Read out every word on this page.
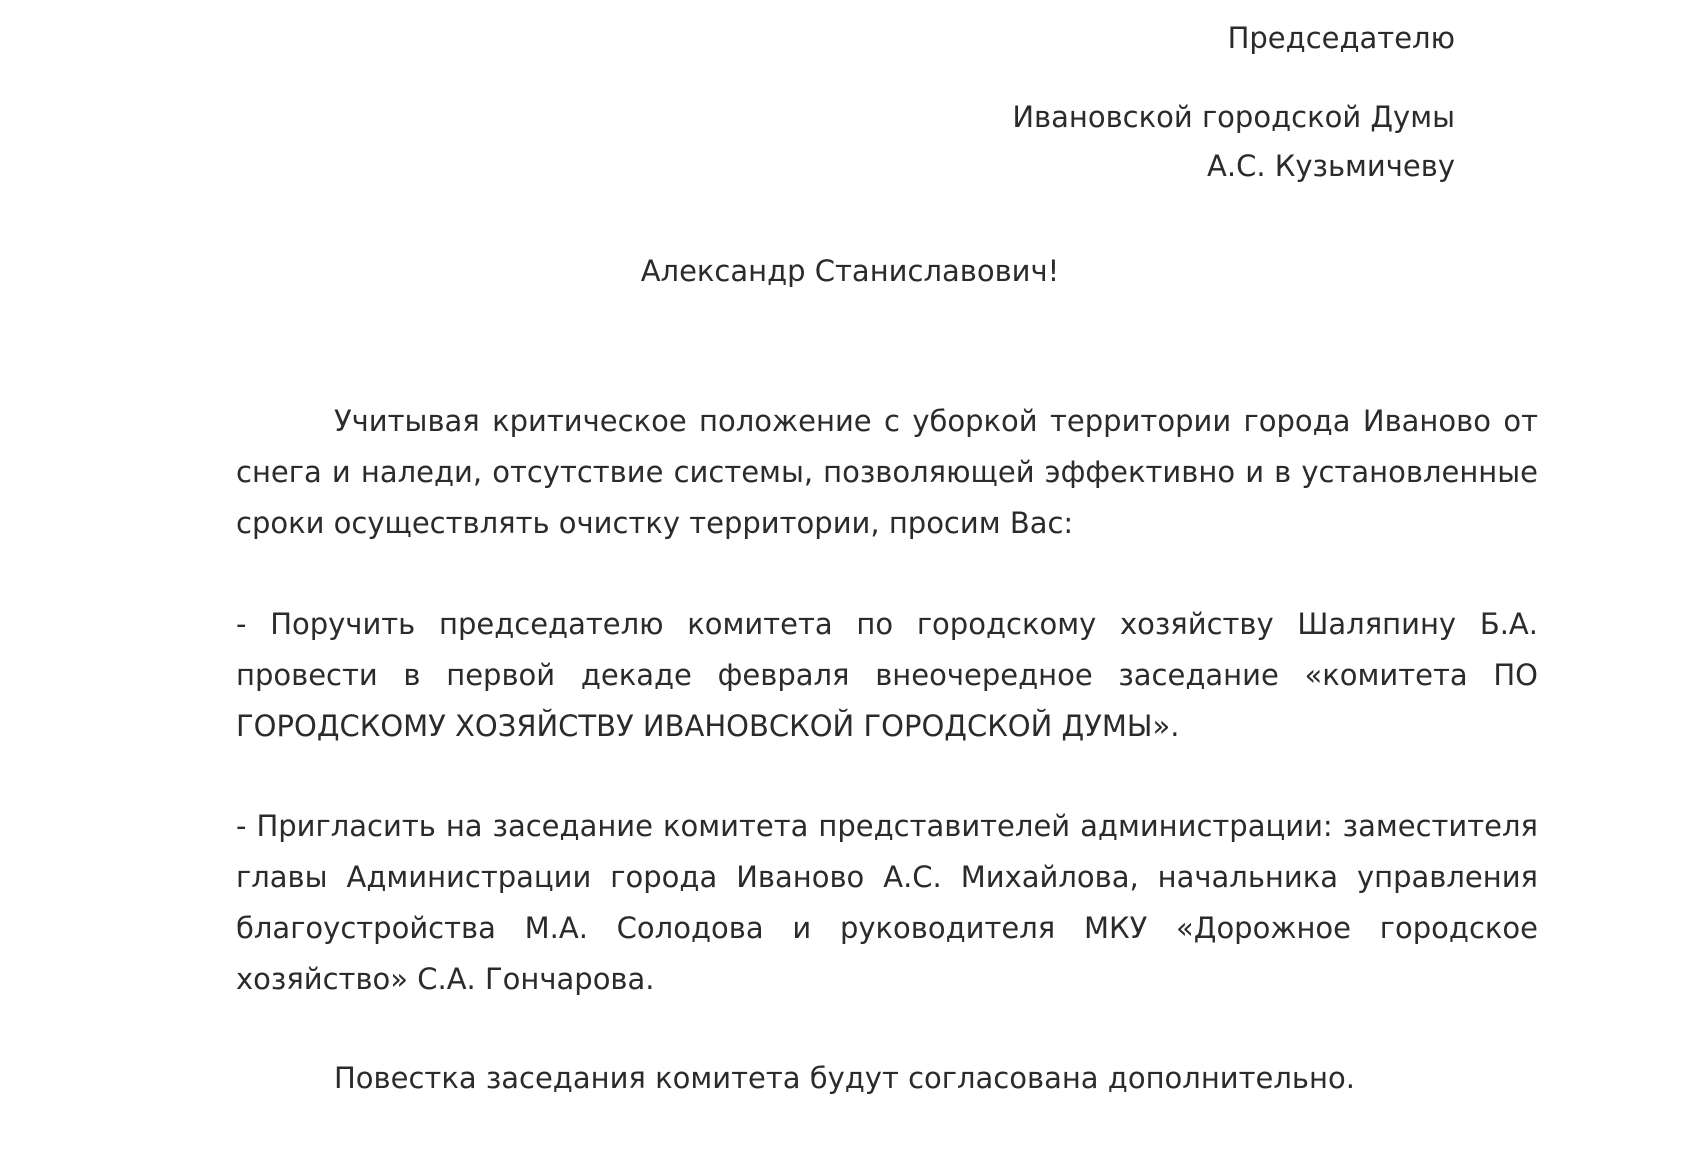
Председателю
Ивановской городской Думы
А.С. Кузьмичеву
Александр Станиславович!
Учитывая критическое положение с уборкой территории города Иваново от снега и наледи, отсутствие системы, позволяющей эффективно и в установленные сроки осуществлять очистку территории, просим Вас:
- Поручить председателю комитета по городскому хозяйству Шаляпину Б.А. провести в первой декаде февраля внеочередное заседание «комитета ПО ГОРОДСКОМУ ХОЗЯЙСТВУ ИВАНОВСКОЙ ГОРОДСКОЙ ДУМЫ».
- Пригласить на заседание комитета представителей администрации: заместителя главы Администрации города Иваново А.С. Михайлова, начальника управления благоустройства М.А. Солодова и руководителя МКУ «Дорожное городское хозяйство» С.А. Гончарова.
Повестка заседания комитета будут согласована дополнительно.
